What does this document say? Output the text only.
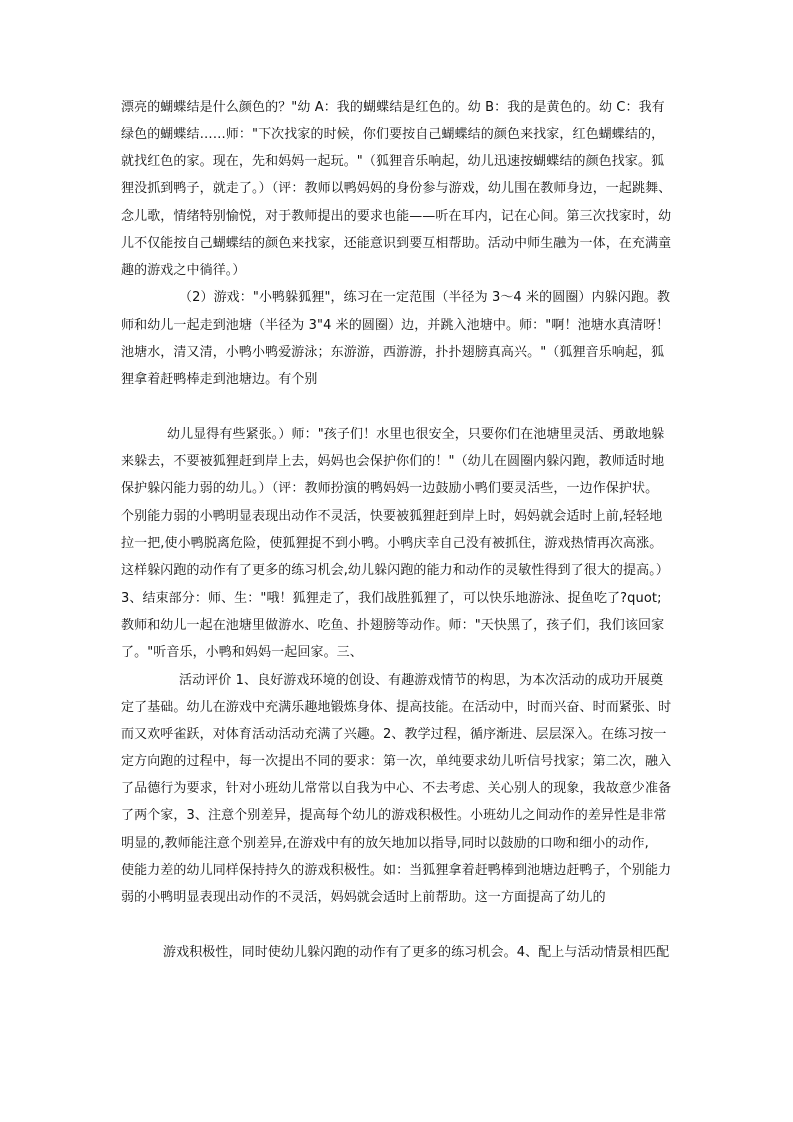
漂亮的蝴蝶结是什么颜色的？"幼 A：我的蝴蝶结是红色的。幼 B：我的是黄色的。幼 C：我有

绿色的蝴蝶结……师："下次找家的时候，你们要按自己蝴蝶结的颜色来找家，红色蝴蝶结的，

就找红色的家。现在，先和妈妈一起玩。"（狐狸音乐响起，幼儿迅速按蝴蝶结的颜色找家。狐

狸没抓到鸭子，就走了。）（评：教师以鸭妈妈的身份参与游戏，幼儿围在教师身边，一起跳舞、

念儿歌，情绪特别愉悦，对于教师提出的要求也能——听在耳内，记在心间。第三次找家时，幼

儿不仅能按自己蝴蝶结的颜色来找家，还能意识到要互相帮助。活动中师生融为一体，在充满童

趣的游戏之中徜徉。）

（2）游戏："小鸭躲狐狸"，练习在一定范围（半径为 3～4 米的圆圈）内躲闪跑。教

师和幼儿一起走到池塘（半径为 3"4 米的圆圈）边，并跳入池塘中。师："啊！池塘水真清呀！

池塘水，清又清，小鸭小鸭爱游泳；东游游，西游游，扑扑翅膀真高兴。"（狐狸音乐响起，狐

狸拿着赶鸭棒走到池塘边。有个别

幼儿显得有些紧张。）师："孩子们！水里也很安全，只要你们在池塘里灵活、勇敢地躲

来躲去，不要被狐狸赶到岸上去，妈妈也会保护你们的！"（幼儿在圆圈内躲闪跑，教师适时地

保护躲闪能力弱的幼儿。）（评：教师扮演的鸭妈妈一边鼓励小鸭们要灵活些，一边作保护状。

个别能力弱的小鸭明显表现出动作不灵活，快要被狐狸赶到岸上时，妈妈就会适时上前,轻轻地

拉一把,使小鸭脱离危险，使狐狸捉不到小鸭。小鸭庆幸自己没有被抓住，游戏热情再次高涨。

这样躲闪跑的动作有了更多的练习机会,幼儿躲闪跑的能力和动作的灵敏性得到了很大的提高。）

3、结束部分：师、生："哦！狐狸走了，我们战胜狐狸了，可以快乐地游泳、捉鱼吃了?quot;

教师和幼儿一起在池塘里做游水、吃鱼、扑翅膀等动作。师："天快黑了，孩子们，我们该回家

了。"听音乐，小鸭和妈妈一起回家。三、

活动评价 1、良好游戏环境的创设、有趣游戏情节的构思，为本次活动的成功开展奠

定了基础。幼儿在游戏中充满乐趣地锻炼身体、提高技能。在活动中，时而兴奋、时而紧张、时

而又欢呼雀跃，对体育活动活动充满了兴趣。2、教学过程，循序渐进、层层深入。在练习按一

定方向跑的过程中，每一次提出不同的要求：第一次，单纯要求幼儿听信号找家；第二次，融入

了品德行为要求，针对小班幼儿常常以自我为中心、不去考虑、关心别人的现象，我故意少准备

了两个家，3、注意个别差异，提高每个幼儿的游戏积极性。小班幼儿之间动作的差异性是非常

明显的,教师能注意个别差异,在游戏中有的放矢地加以指导,同时以鼓励的口吻和细小的动作,

使能力差的幼儿同样保持持久的游戏积极性。如：当狐狸拿着赶鸭棒到池塘边赶鸭子，个别能力

弱的小鸭明显表现出动作的不灵活，妈妈就会适时上前帮助。这一方面提高了幼儿的

游戏积极性，同时使幼儿躲闪跑的动作有了更多的练习机会。4、配上与活动情景相匹配
